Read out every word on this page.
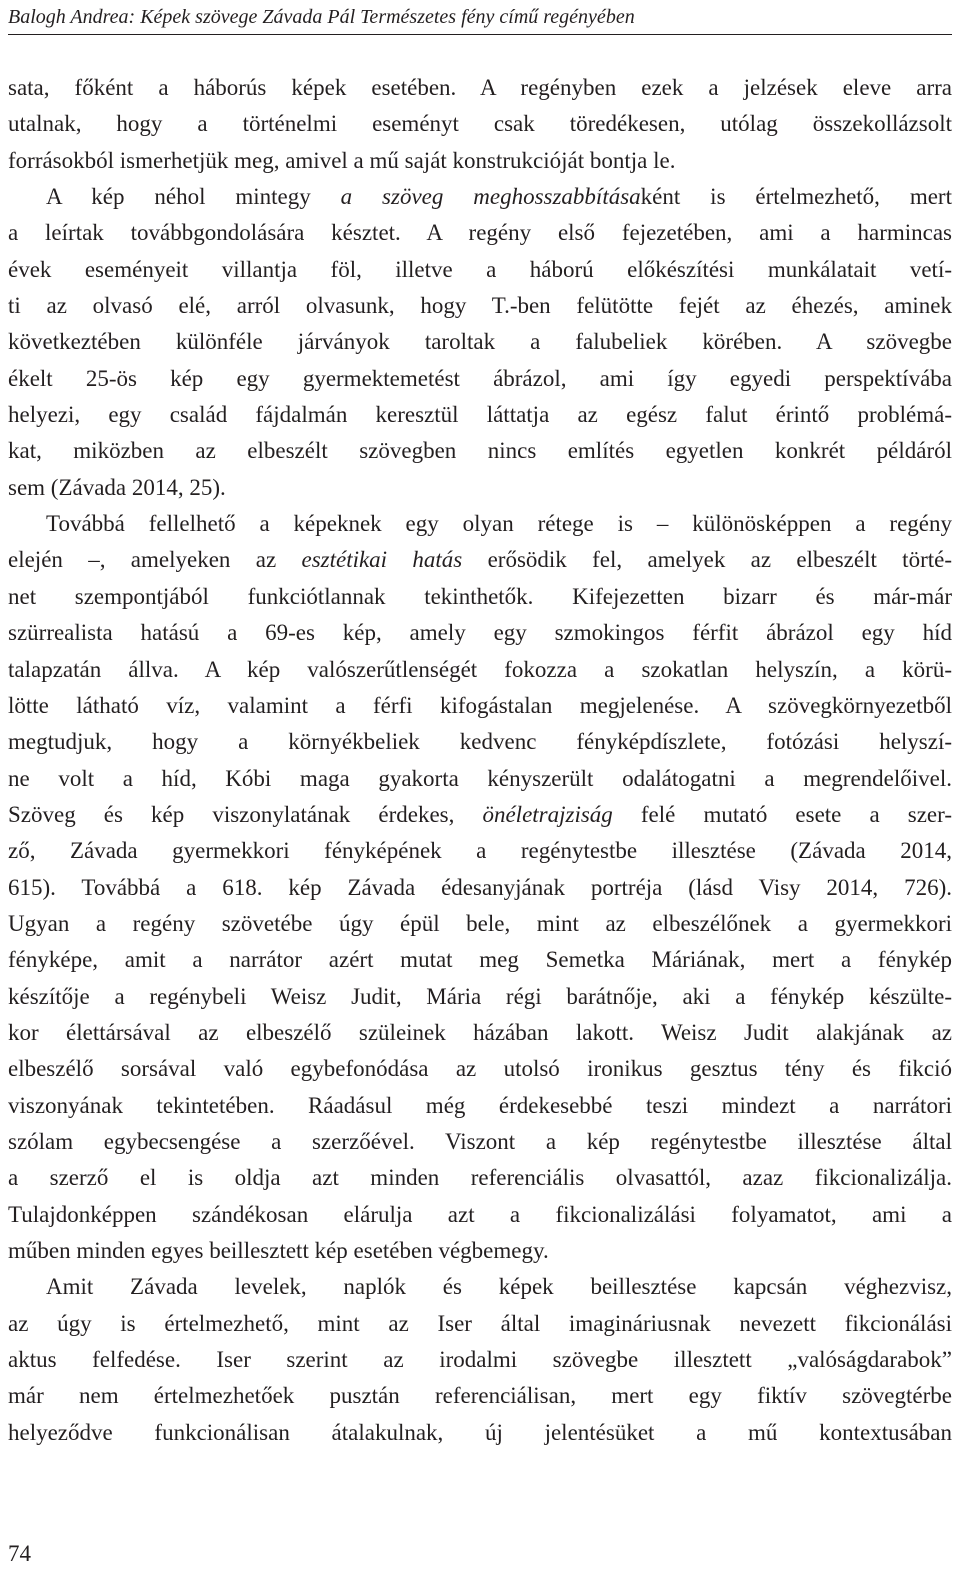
Balogh Andrea: Képek szövege Závada Pál Természetes fény című regényében
sata, főként a háborús képek esetében. A regényben ezek a jelzések eleve arra
utalnak, hogy a történelmi eseményt csak töredékesen, utólag összekollázsolt
forrásokból ismerhetjük meg, amivel a mű saját konstrukcióját bontja le.
A kép néhol mintegy a szöveg meghosszabbításaként is értelmezhető, mert
a leírtak továbbgondolására késztet. A regény első fejezetében, ami a harmincas
évek eseményeit villantja föl, illetve a háború előkészítési munkálatait vetí-
ti az olvasó elé, arról olvasunk, hogy T.-ben felütötte fejét az éhezés, aminek
következtében különféle járványok taroltak a falubeliek körében. A szövegbe
ékelt 25-ös kép egy gyermektemetést ábrázol, ami így egyedi perspektívába
helyezi, egy család fájdalmán keresztül láttatja az egész falut érintő problémá-
kat, miközben az elbeszélt szövegben nincs említés egyetlen konkrét példáról
sem (Závada 2014, 25).
Továbbá fellelhető a képeknek egy olyan rétege is – különösképpen a regény
elején –, amelyeken az esztétikai hatás erősödik fel, amelyek az elbeszélt törté-
net szempontjából funkciótlannak tekinthetők. Kifejezetten bizarr és már-már
szürrealista hatású a 69-es kép, amely egy szmokingos férfit ábrázol egy híd
talapzatán állva. A kép valószerűtlenségét fokozza a szokatlan helyszín, a körü-
lötte látható víz, valamint a férfi kifogástalan megjelenése. A szövegkörnyezetből
megtudjuk, hogy a környékbeliek kedvenc fényképdíszlete, fotózási helyszí-
ne volt a híd, Kóbi maga gyakorta kényszerült odalátogatni a megrendelőivel.
Szöveg és kép viszonylatának érdekes, önéletrajziság felé mutató esete a szer-
ző, Závada gyermekkori fényképének a regénytestbe illesztése (Závada 2014,
615). Továbbá a 618. kép Závada édesanyjának portréja (lásd Visy 2014, 726).
Ugyan a regény szövetébe úgy épül bele, mint az elbeszélőnek a gyermekkori
fényképe, amit a narrátor azért mutat meg Semetka Máriának, mert a fénykép
készítője a regénybeli Weisz Judit, Mária régi barátnője, aki a fénykép készülte-
kor élettársával az elbeszélő szüleinek házában lakott. Weisz Judit alakjának az
elbeszélő sorsával való egybefonódása az utolsó ironikus gesztus tény és fikció
viszonyának tekintetében. Ráadásul még érdekesebbé teszi mindezt a narrátori
szólam egybecsengése a szerzőével. Viszont a kép regénytestbe illesztése által
a szerző el is oldja azt minden referenciális olvasattól, azaz fikcionalizálja.
Tulajdonképpen szándékosan elárulja azt a fikcionalizálási folyamatot, ami a
műben minden egyes beillesztett kép esetében végbemegy.
Amit Závada levelek, naplók és képek beillesztése kapcsán véghezvisz,
az úgy is értelmezhető, mint az Iser által imagináriusnak nevezett fikcionálási
aktus felfedése. Iser szerint az irodalmi szövegbe illesztett „valóságdarabok”
már nem értelmezhetőek pusztán referenciálisan, mert egy fiktív szövegtérbe
helyeződve funkcionálisan átalakulnak, új jelentésüket a mű kontextusában
74
